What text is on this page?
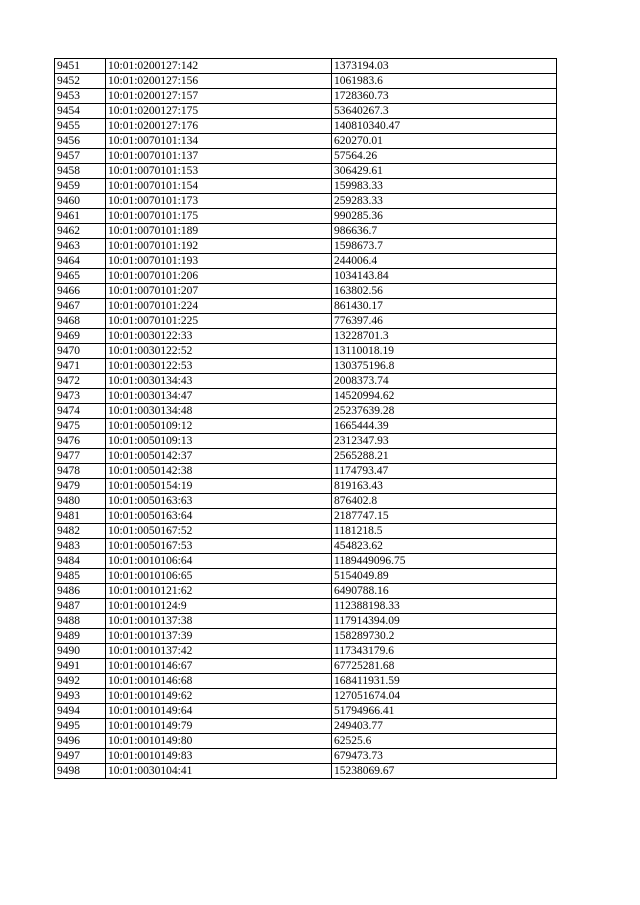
9451	10:01:0200127:142	1373194.03
9452	10:01:0200127:156	1061983.6
9453	10:01:0200127:157	1728360.73
9454	10:01:0200127:175	53640267.3
9455	10:01:0200127:176	140810340.47
9456	10:01:0070101:134	620270.01
9457	10:01:0070101:137	57564.26
9458	10:01:0070101:153	306429.61
9459	10:01:0070101:154	159983.33
9460	10:01:0070101:173	259283.33
9461	10:01:0070101:175	990285.36
9462	10:01:0070101:189	986636.7
9463	10:01:0070101:192	1598673.7
9464	10:01:0070101:193	244006.4
9465	10:01:0070101:206	1034143.84
9466	10:01:0070101:207	163802.56
9467	10:01:0070101:224	861430.17
9468	10:01:0070101:225	776397.46
9469	10:01:0030122:33	13228701.3
9470	10:01:0030122:52	13110018.19
9471	10:01:0030122:53	130375196.8
9472	10:01:0030134:43	2008373.74
9473	10:01:0030134:47	14520994.62
9474	10:01:0030134:48	25237639.28
9475	10:01:0050109:12	1665444.39
9476	10:01:0050109:13	2312347.93
9477	10:01:0050142:37	2565288.21
9478	10:01:0050142:38	1174793.47
9479	10:01:0050154:19	819163.43
9480	10:01:0050163:63	876402.8
9481	10:01:0050163:64	2187747.15
9482	10:01:0050167:52	1181218.5
9483	10:01:0050167:53	454823.62
9484	10:01:0010106:64	1189449096.75
9485	10:01:0010106:65	5154049.89
9486	10:01:0010121:62	6490788.16
9487	10:01:0010124:9	112388198.33
9488	10:01:0010137:38	117914394.09
9489	10:01:0010137:39	158289730.2
9490	10:01:0010137:42	117343179.6
9491	10:01:0010146:67	67725281.68
9492	10:01:0010146:68	168411931.59
9493	10:01:0010149:62	127051674.04
9494	10:01:0010149:64	51794966.41
9495	10:01:0010149:79	249403.77
9496	10:01:0010149:80	62525.6
9497	10:01:0010149:83	679473.73
9498	10:01:0030104:41	15238069.67
